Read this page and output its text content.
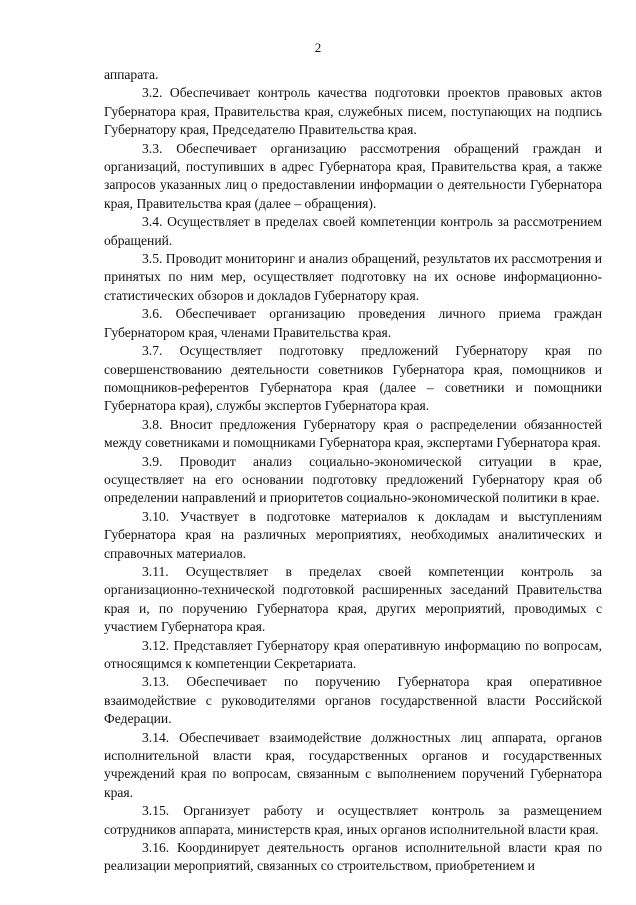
2

аппарата.

3.2. Обеспечивает контроль качества подготовки проектов правовых актов Губернатора края, Правительства края, служебных писем, поступающих на подпись Губернатору края, Председателю Правительства края.

3.3. Обеспечивает организацию рассмотрения обращений граждан и организаций, поступивших в адрес Губернатора края, Правительства края, а также запросов указанных лиц о предоставлении информации о деятельности Губернатора края, Правительства края (далее – обращения).

3.4. Осуществляет в пределах своей компетенции контроль за рассмотрением обращений.

3.5. Проводит мониторинг и анализ обращений, результатов их рассмотрения и принятых по ним мер, осуществляет подготовку на их основе информационно-статистических обзоров и докладов Губернатору края.

3.6. Обеспечивает организацию проведения личного приема граждан Губернатором края, членами Правительства края.

3.7. Осуществляет подготовку предложений Губернатору края по совершенствованию деятельности советников Губернатора края, помощников и помощников-референтов Губернатора края (далее – советники и помощники Губернатора края), службы экспертов Губернатора края.

3.8. Вносит предложения Губернатору края о распределении обязанностей между советниками и помощниками Губернатора края, экспертами Губернатора края.

3.9. Проводит анализ социально-экономической ситуации в крае, осуществляет на его основании подготовку предложений Губернатору края об определении направлений и приоритетов социально-экономической политики в крае.

3.10. Участвует в подготовке материалов к докладам и выступлениям Губернатора края на различных мероприятиях, необходимых аналитических и справочных материалов.

3.11. Осуществляет в пределах своей компетенции контроль за организационно-технической подготовкой расширенных заседаний Правительства края и, по поручению Губернатора края, других мероприятий, проводимых с участием Губернатора края.

3.12. Представляет Губернатору края оперативную информацию по вопросам, относящимся к компетенции Секретариата.

3.13. Обеспечивает по поручению Губернатора края оперативное взаимодействие с руководителями органов государственной власти Российской Федерации.

3.14. Обеспечивает взаимодействие должностных лиц аппарата, органов исполнительной власти края, государственных органов и государственных учреждений края по вопросам, связанным с выполнением поручений Губернатора края.

3.15. Организует работу и осуществляет контроль за размещением сотрудников аппарата, министерств края, иных органов исполнительной власти края.

3.16. Координирует деятельность органов исполнительной власти края по реализации мероприятий, связанных со строительством, приобретением и
